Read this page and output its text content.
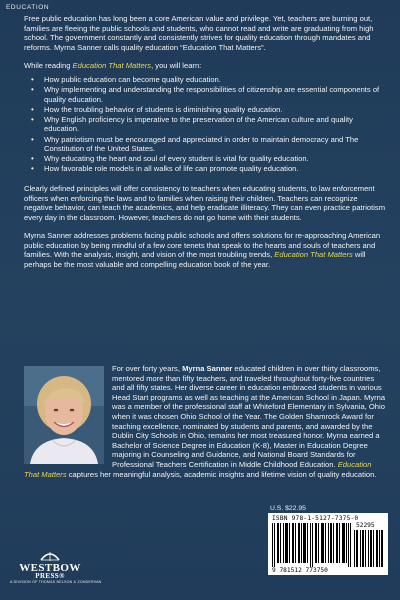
EDUCATION

Free public education has long been a core American value and privilege. Yet, teachers are burning out, families are fleeing the public schools and students, who cannot read and write are graduating from high school. The government constantly and consistently strives for quality education through mandates and reforms. Myrna Sanner calls quality education “Education That Matters”.

While reading Education That Matters, you will learn:

• How public education can become quality education.
• Why implementing and understanding the responsibilities of citizenship are essential components of quality education.
• How the troubling behavior of students is diminishing quality education.
• Why English proficiency is imperative to the preservation of the American culture and quality education.
• Why patriotism must be encouraged and appreciated in order to maintain democracy and The Constitution of the United States.
• Why educating the heart and soul of every student is vital for quality education.
• How favorable role models in all walks of life can promote quality education.

Clearly defined principles will offer consistency to teachers when educating students, to law enforcement officers when enforcing the laws and to families when raising their children. Teachers can recognize negative behavior, can teach the academics, and help eradicate illiteracy. They can even practice patriotism every day in the classroom. However, teachers do not go home with their students.

Myrna Sanner addresses problems facing public schools and offers solutions for re-approaching American public education by being mindful of a few core tenets that speak to the hearts and souls of teachers and families. With the analysis, insight, and vision of the most troubling trends, Education That Matters will perhaps be the most valuable and compelling education book of the year.

For over forty years, Myrna Sanner educated children in over thirty classrooms, mentored more than fifty teachers, and traveled throughout forty-five countries and all fifty states. Her diverse career in education embraced students in various Head Start programs as well as teaching at the American School in Japan. Myrna was a member of the professional staff at Whiteford Elementary in Sylvania, Ohio when it was chosen Ohio School of the Year. The Golden Shamrock Award for teaching excellence, nominated by students and parents, and awarded by the Dublin City Schools in Ohio, remains her most treasured honor. Myrna earned a Bachelor of Science Degree in Education (K-8), Master in Education Degree majoring in Counseling and Guidance, and National Board Standards for Professional Teachers Certification in Middle Childhood Education. Education That Matters captures her meaningful analysis, academic insights and lifetime vision of quality education.
U.S. $22.95
ISBN 978-1-5127-7375-0
52295
9 781512 773750
WESTBOW
PRESS®
A DIVISION OF THOMAS NELSON & ZONDERVAN
